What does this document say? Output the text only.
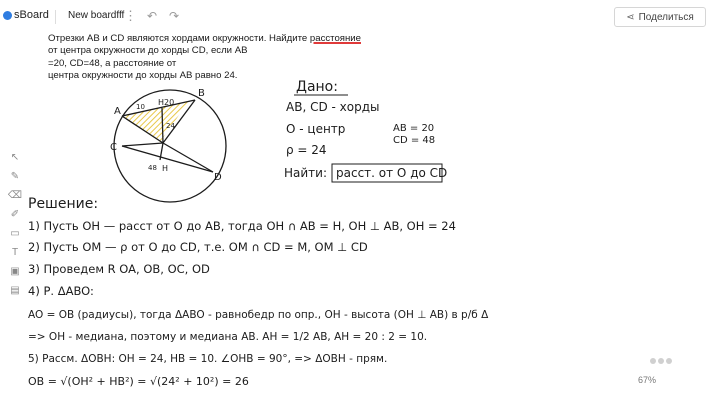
sBoard New boardfff ⋮ ↶ ↷	⋖ Поделиться
Отрезки AB и CD являются хордами окружности. Найдите расстояние
от центра окружности до хорды CD, если AB
=20, CD=48, а расстояние от
центра окружности до хорды AB равно 24.
↖
✎
⌫
✐
▭
T
▣
▤
A
B
C
D
H20
10
24
48 H
Дано:
AB, CD - хорды
O - центр	AB = 20
CD = 48
ρ = 24
Найти: расст. от O до CD
Решение:
1) Пусть OH — расст от O до AB, тогда OH ∩ AB = H, OH ⊥ AB, OH = 24
2) Пусть OM — ρ от O до CD, т.е. OM ∩ CD = M, OM ⊥ CD
3) Проведем R OA, OB, OC, OD
4) Р. ΔABO:
AO = OB (радиусы), тогда ΔABO - равнобедр по опр., OH - высота (OH ⊥ AB) в р/б Δ
=> OH - медиана, поэтому и медиана AB. AH = 1/2 AB, AH = 20 : 2 = 10.
5) Рассм. ΔOBH: OH = 24, HB = 10. ∠OHB = 90°, => ΔOBH - прям.
OB = √(OH² + HB²) = √(24² + 10²) = 26	67%
